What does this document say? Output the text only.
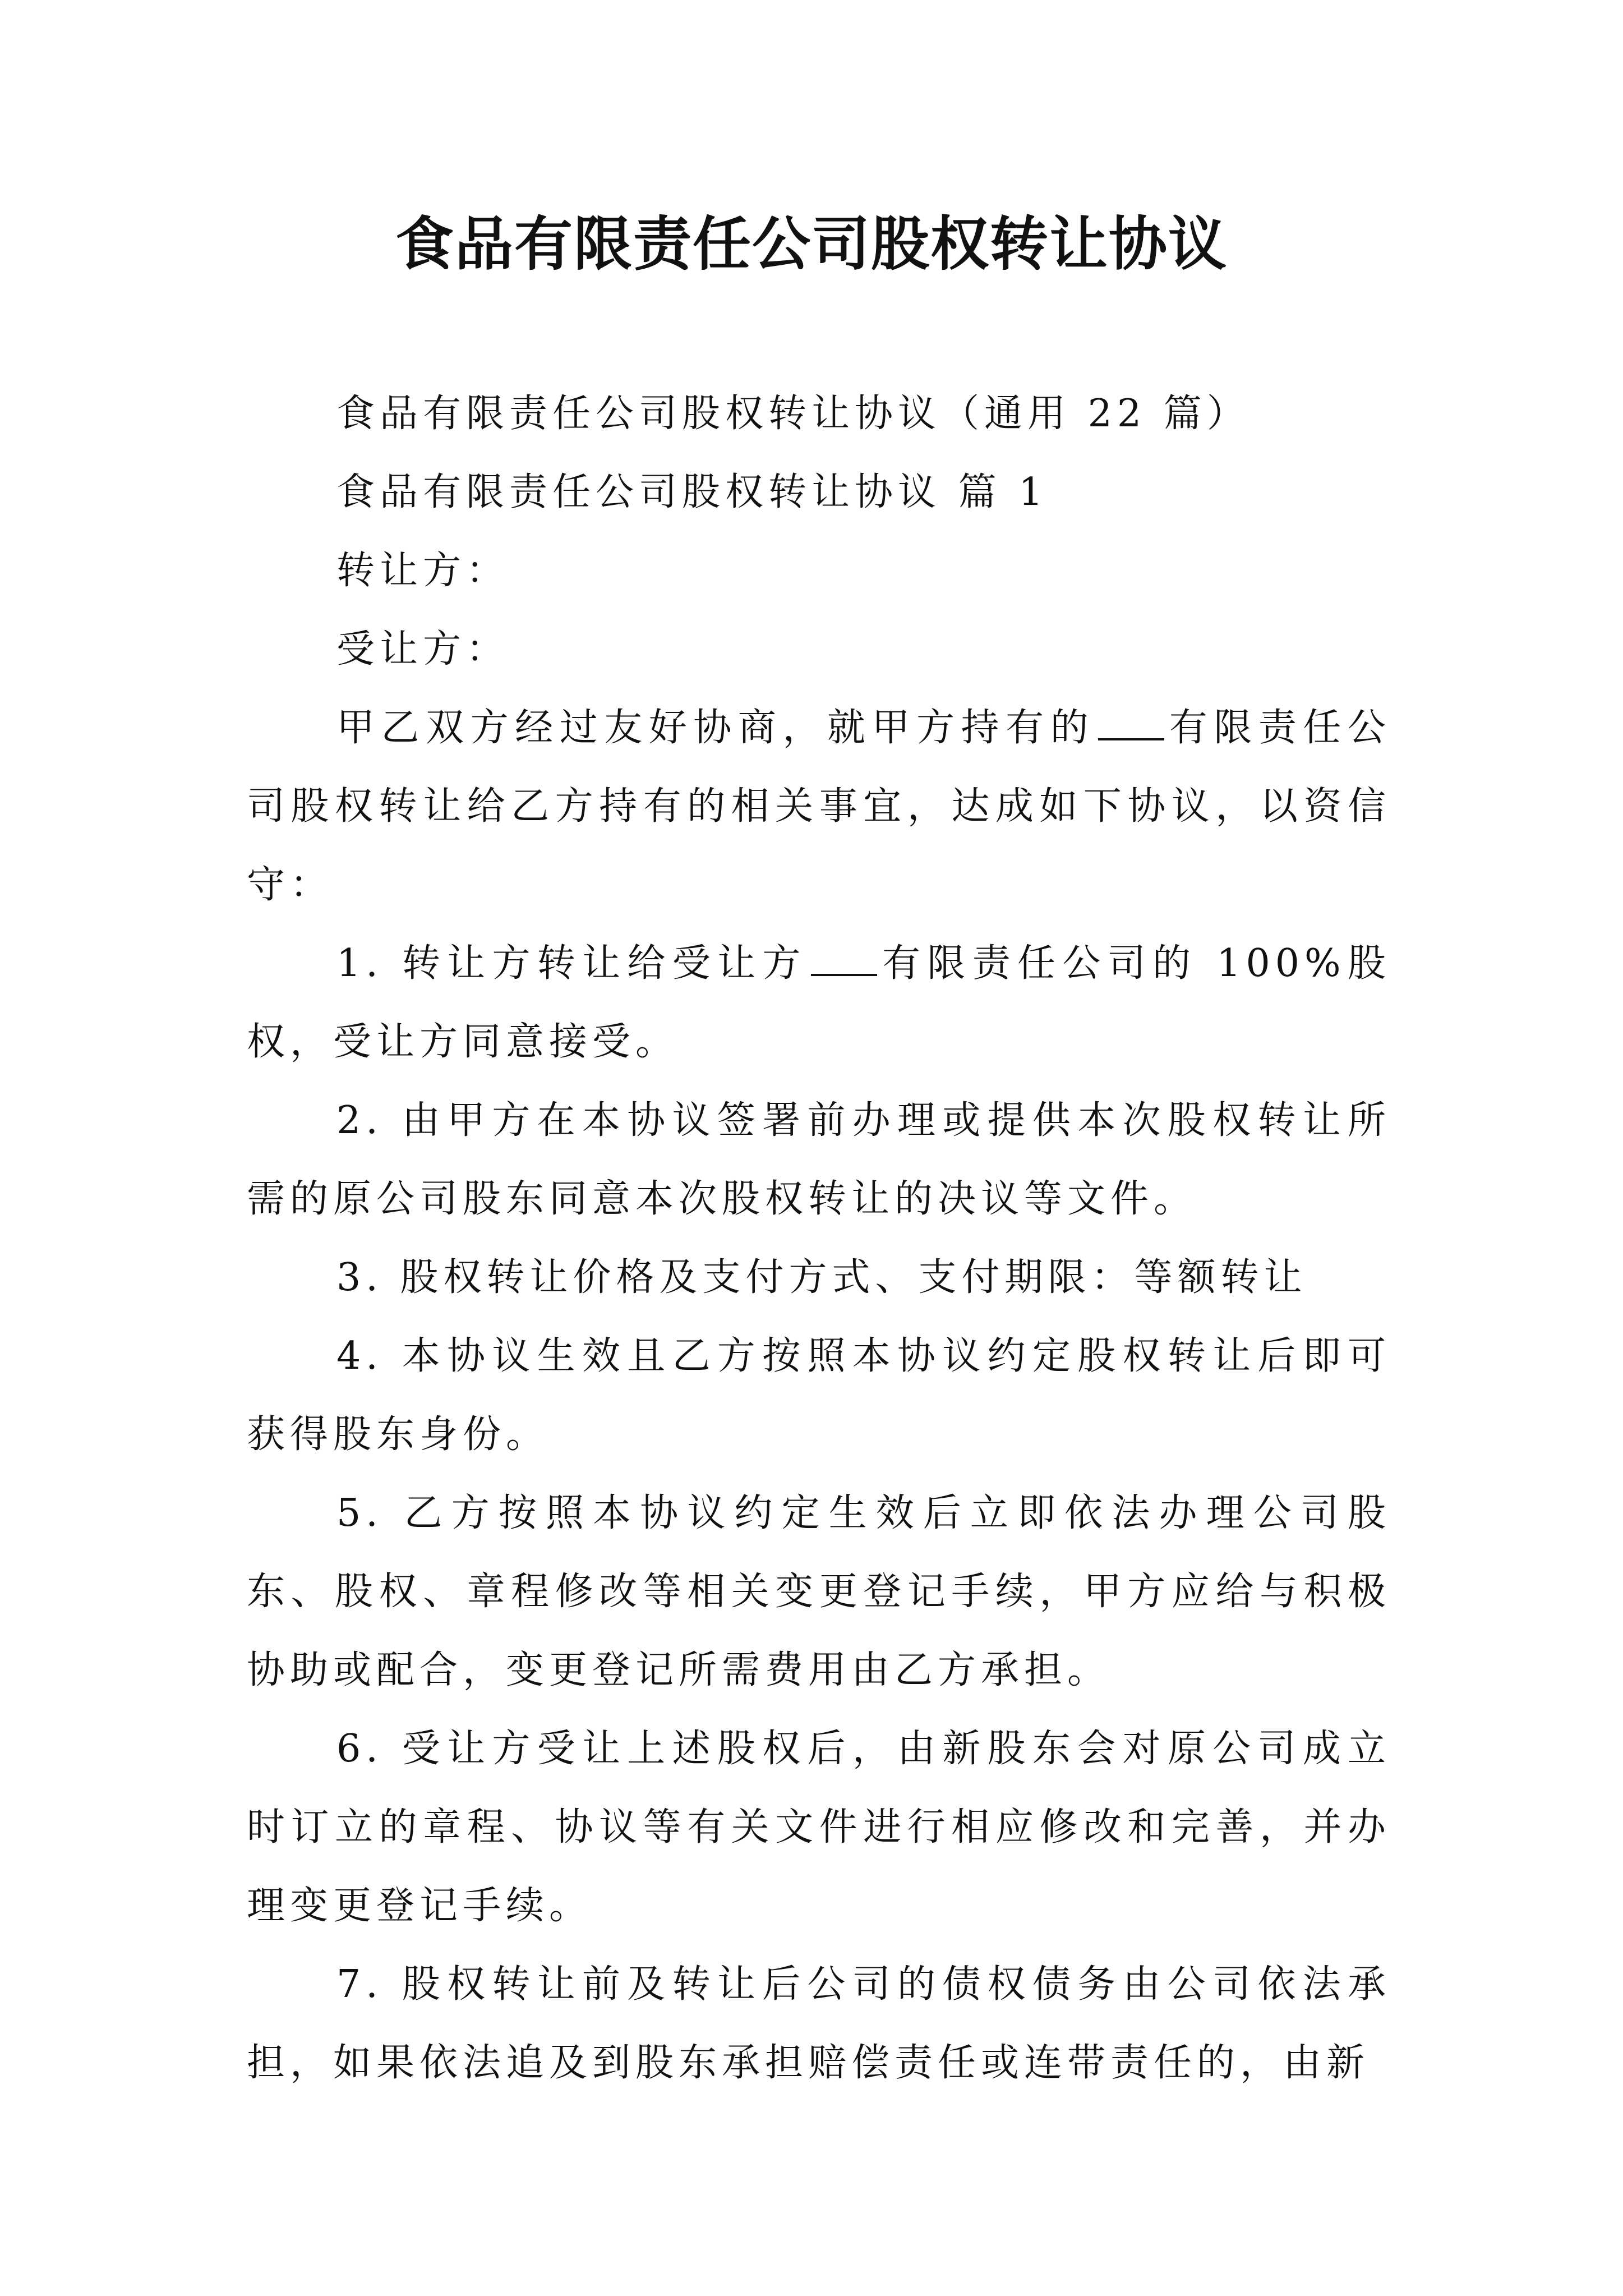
食品有限责任公司股权转让协议

食品有限责任公司股权转让协议（通用 22 篇）

食品有限责任公司股权转让协议 篇 1

转让方：

受让方：

甲乙双方经过友好协商，就甲方持有的 有限责任公司股权转让给乙方持有的相关事宜，达成如下协议，以资信守：

1. 转让方转让给受让方 有限责任公司的 100%股权，受让方同意接受。

2. 由甲方在本协议签署前办理或提供本次股权转让所需的原公司股东同意本次股权转让的决议等文件。

3. 股权转让价格及支付方式、支付期限：等额转让

4. 本协议生效且乙方按照本协议约定股权转让后即可获得股东身份。

5. 乙方按照本协议约定生效后立即依法办理公司股东、股权、章程修改等相关变更登记手续，甲方应给与积极协助或配合，变更登记所需费用由乙方承担。

6. 受让方受让上述股权后，由新股东会对原公司成立时订立的章程、协议等有关文件进行相应修改和完善，并办理变更登记手续。

7. 股权转让前及转让后公司的债权债务由公司依法承担，如果依法追及到股东承担赔偿责任或连带责任的，由新
